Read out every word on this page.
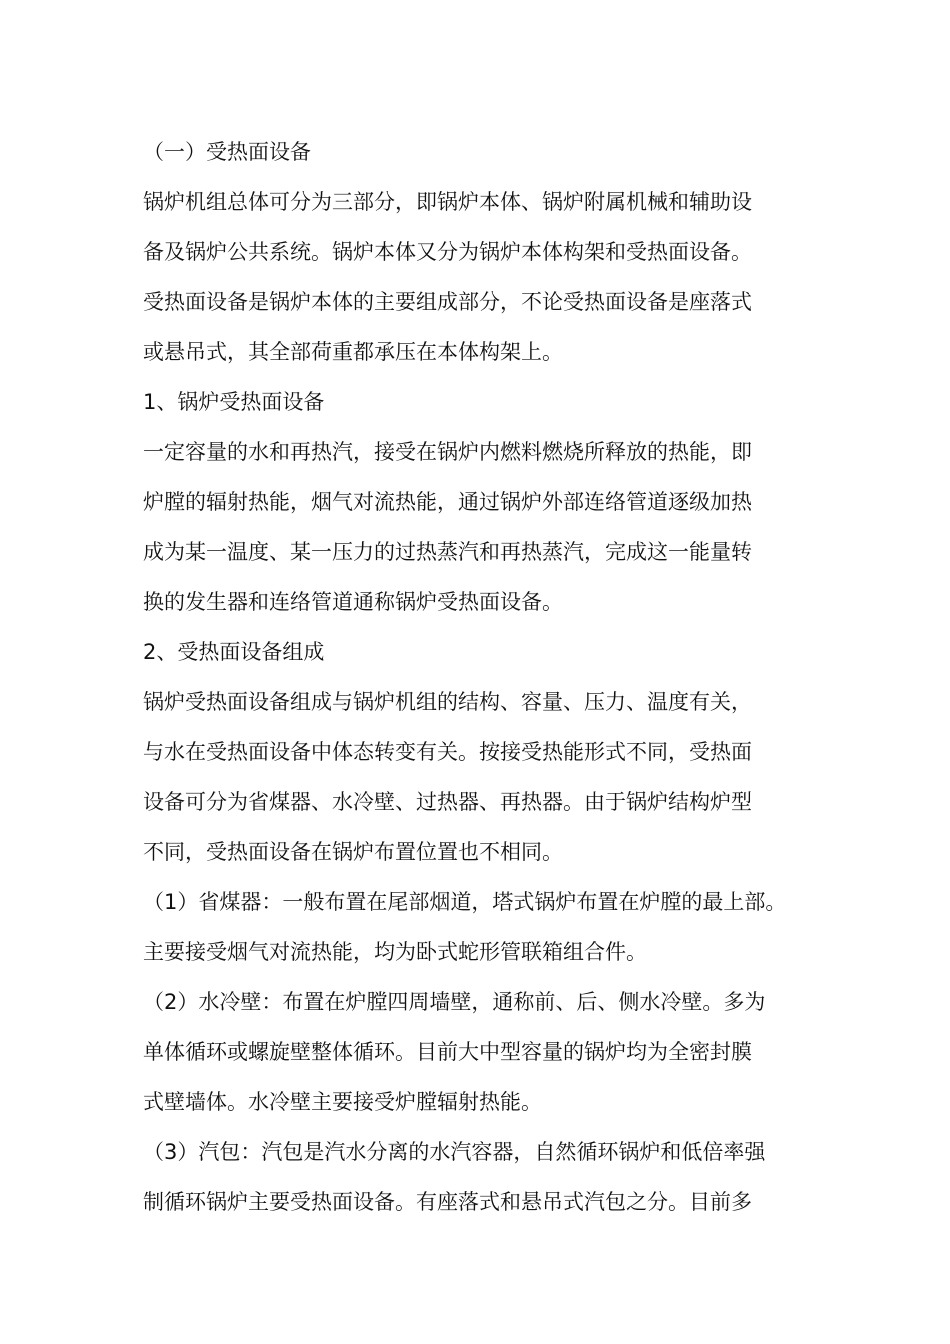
（一）受热面设备
锅炉机组总体可分为三部分，即锅炉本体、锅炉附属机械和辅助设
备及锅炉公共系统。锅炉本体又分为锅炉本体构架和受热面设备。
受热面设备是锅炉本体的主要组成部分，不论受热面设备是座落式
或悬吊式，其全部荷重都承压在本体构架上。
1、锅炉受热面设备
一定容量的水和再热汽，接受在锅炉内燃料燃烧所释放的热能，即
炉膛的辐射热能，烟气对流热能，通过锅炉外部连络管道逐级加热
成为某一温度、某一压力的过热蒸汽和再热蒸汽，完成这一能量转
换的发生器和连络管道通称锅炉受热面设备。
2、受热面设备组成
锅炉受热面设备组成与锅炉机组的结构、容量、压力、温度有关，
与水在受热面设备中体态转变有关。按接受热能形式不同，受热面
设备可分为省煤器、水冷壁、过热器、再热器。由于锅炉结构炉型
不同，受热面设备在锅炉布置位置也不相同。
（1）省煤器：一般布置在尾部烟道，塔式锅炉布置在炉膛的最上部。
主要接受烟气对流热能，均为卧式蛇形管联箱组合件。
（2）水冷壁：布置在炉膛四周墙壁，通称前、后、侧水冷壁。多为
单体循环或螺旋壁整体循环。目前大中型容量的锅炉均为全密封膜
式壁墙体。水冷壁主要接受炉膛辐射热能。
（3）汽包：汽包是汽水分离的水汽容器，自然循环锅炉和低倍率强
制循环锅炉主要受热面设备。有座落式和悬吊式汽包之分。目前多
